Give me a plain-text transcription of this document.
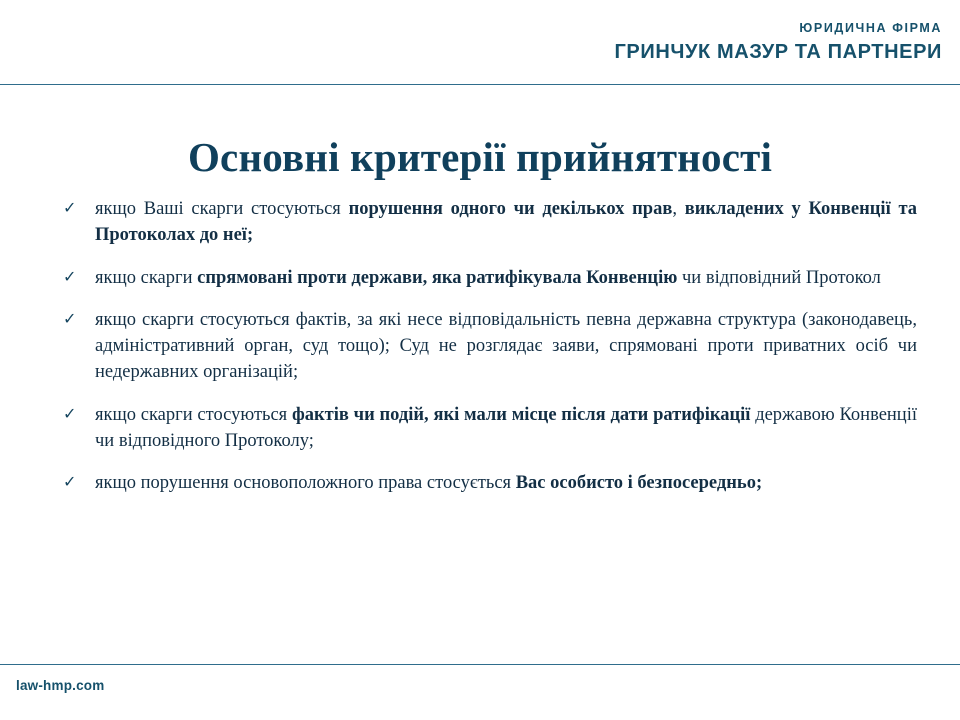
ЮРИДИЧНА ФІРМА
ГРИНЧУК МАЗУР ТА ПАРТНЕРИ
Основні критерії прийнятності
✓ якщо Ваші скарги стосуються порушення одного чи декількох прав, викладених у Конвенції та Протоколах до неї;
✓ якщо скарги спрямовані проти держави, яка ратифікувала Конвенцію чи відповідний Протокол
✓ якщо скарги стосуються фактів, за які несе відповідальність певна державна структура (законодавець, адміністративний орган, суд тощо); Суд не розглядає заяви, спрямовані проти приватних осіб чи недержавних організацій;
✓ якщо скарги стосуються фактів чи подій, які мали місце після дати ратифікації державою Конвенції чи відповідного Протоколу;
✓ якщо порушення основоположного права стосується Вас особисто і безпосередньо;
law-hmp.com
